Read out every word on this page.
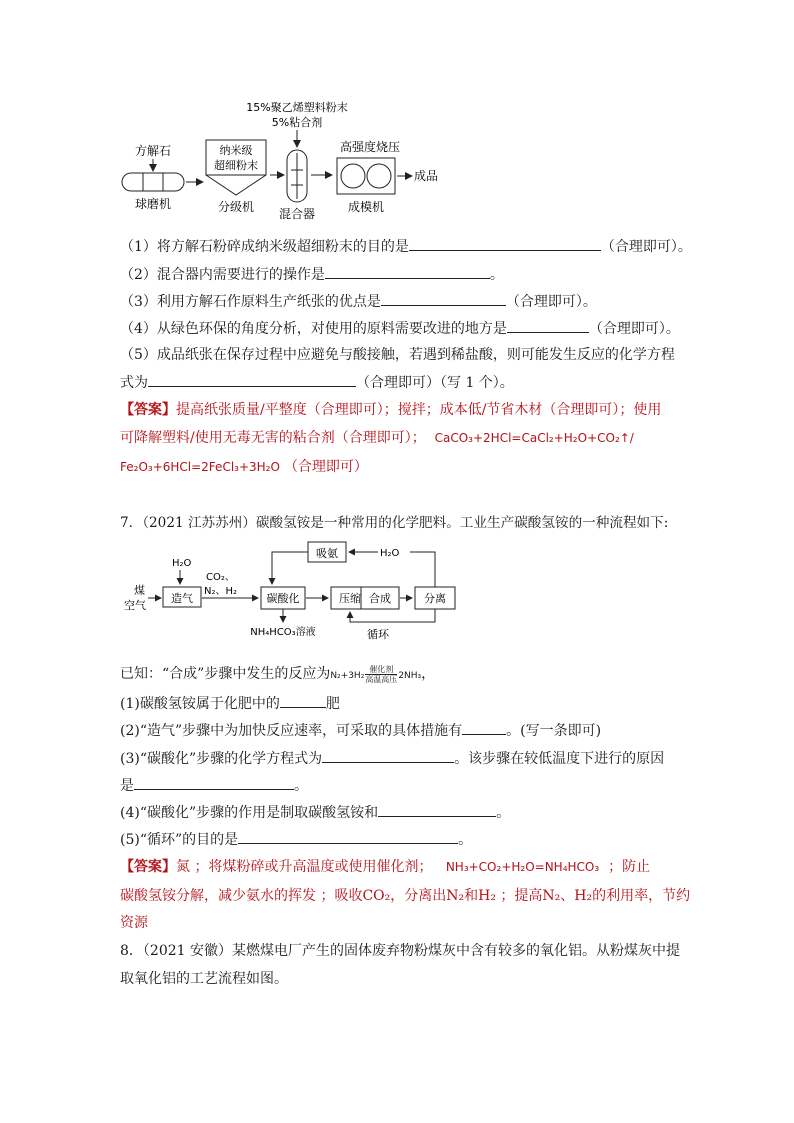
15%聚乙烯塑料粉末
5%粘合剂
方解石
球磨机
纳米级
超细粉末
分级机 混合器
高强度烧压
成模机
成品
（1）将方解石粉碎成纳米级超细粉末的目的是	（合理即可）。
（2）混合器内需要进行的操作是	。
（3）利用方解石作原料生产纸张的优点是	（合理即可）。
（4）从绿色环保的角度分析，对使用的原料需要改进的地方是	（合理即可）。
（5）成品纸张在保存过程中应避免与酸接触，若遇到稀盐酸，则可能发生反应的化学方程
式为	（合理即可）（写 1 个）。
【答案】提高纸张质量/平整度（合理即可）；搅拌；成本低/节省木材（合理即可）；使用
可降解塑料/使用无毒无害的粘合剂（合理即可）； CaCO₃+2HCl=CaCl₂+H₂O+CO₂↑/
Fe₂O₃+6HCl=2FeCl₃+3H₂O （合理即可）
7．（2021 江苏苏州）碳酸氢铵是一种常用的化学肥料。工业生产碳酸氢铵的一种流程如下:
煤
空气
H₂O
造气
CO₂、
N₂、H₂
吸氨	H₂O
碳酸化
NH₄HCO₃溶液
压缩 合成	分离
循环
已知：“合成”步骤中发生的反应为N₂+3H₂
催化剂
高温高压 2NH₃，
(1)碳酸氢铵属于化肥中的	肥
(2)“造气”步骤中为加快反应速率，可采取的具体措施有	。(写一条即可)
(3)“碳酸化”步骤的化学方程式为	。该步骤在较低温度下进行的原因
是	。
(4)“碳酸化”步骤的作用是制取碳酸氢铵和	。
(5)“循环”的目的是	。
【答案】氮 ；将煤粉碎或升高温度或使用催化剂； NH₃+CO₂+H₂O=NH₄HCO₃ ；防止
碳酸氢铵分解，减少氨水的挥发 ；吸收CO₂，分离出N₂和H₂ ；提高N₂、H₂的利用率，节约
资源
8．（2021 安徽）某燃煤电厂产生的固体废弃物粉煤灰中含有较多的氧化铝。从粉煤灰中提
取氧化铝的工艺流程如图。
